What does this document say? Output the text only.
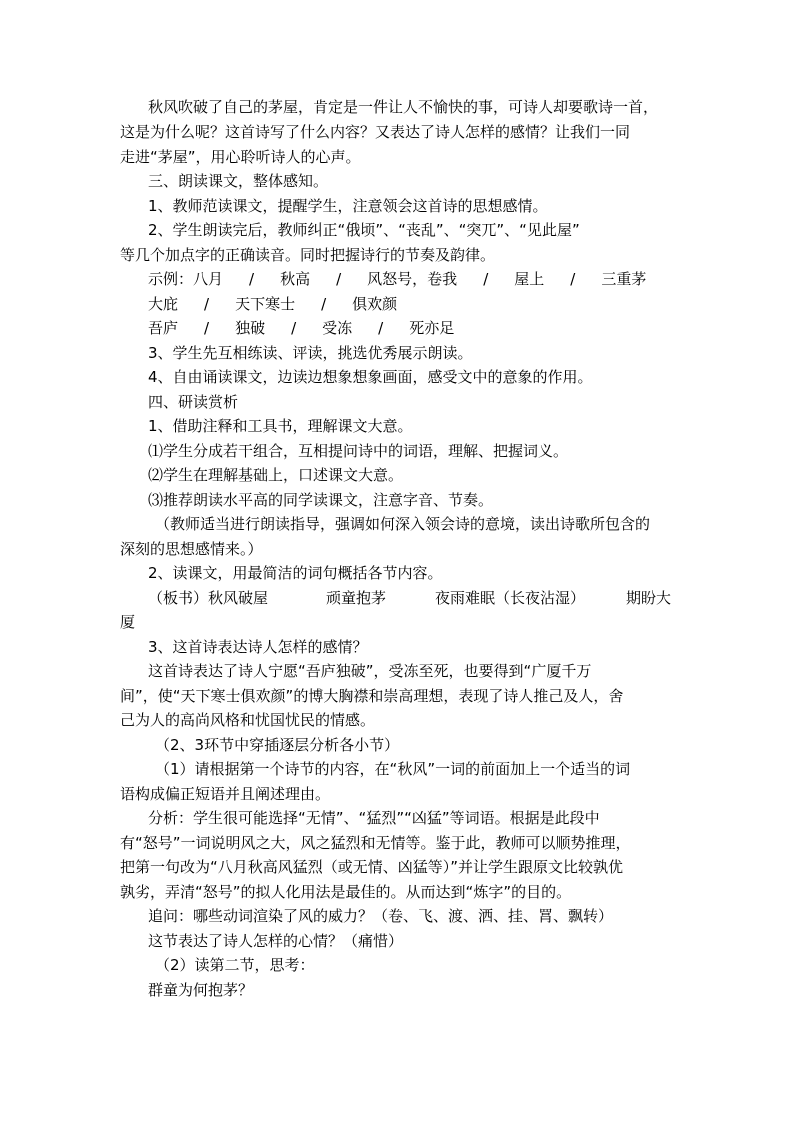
秋风吹破了自己的茅屋，肯定是一件让人不愉快的事，可诗人却要歌诗一首，
这是为什么呢？这首诗写了什么内容？又表达了诗人怎样的感情？让我们一同
走进“茅屋”，用心聆听诗人的心声。
三、朗读课文，整体感知。
1、教师范读课文，提醒学生，注意领会这首诗的思想感情。
2、学生朗读完后，教师纠正“俄顷”、“丧乱”、“突兀”、“见此屋”
等几个加点字的正确读音。同时把握诗行的节奏及韵律。
示例： 八月 / 秋高 / 风怒号，卷我 / 屋上 / 三重茅
大庇 / 天下寒士 / 俱欢颜
吾庐 / 独破 / 受冻 / 死亦足
3、学生先互相练读、评读，挑选优秀展示朗读。
4、自由诵读课文，边读边想象想象画面，感受文中的意象的作用。
四、研读赏析
1、借助注释和工具书，理解课文大意。
⑴学生分成若干组合，互相提问诗中的词语，理解、把握词义。
⑵学生在理解基础上，口述课文大意。
⑶推荐朗读水平高的同学读课文，注意字音、节奏。
（教师适当进行朗读指导，强调如何深入领会诗的意境，读出诗歌所包含的
深刻的思想感情来。）
2、读课文，用最简洁的词句概括各节内容。
（板书）秋风破屋	顽童抱茅	夜雨难眠（长夜沾湿）	期盼大
厦
3、这首诗表达诗人怎样的感情？
这首诗表达了诗人宁愿“吾庐独破”，受冻至死，也要得到“广厦千万
间”，使“天下寒士俱欢颜”的博大胸襟和崇高理想，表现了诗人推己及人，舍
己为人的高尚风格和忧国忧民的情感。
（2、3环节中穿插逐层分析各小节）
（1）请根据第一个诗节的内容，在“秋风”一词的前面加上一个适当的词
语构成偏正短语并且阐述理由。
分析：学生很可能选择“无情”、“猛烈”“凶猛”等词语。根据是此段中
有“怒号”一词说明风之大，风之猛烈和无情等。鉴于此，教师可以顺势推理，
把第一句改为“八月秋高风猛烈（或无情、凶猛等）”并让学生跟原文比较孰优
孰劣，弄清“怒号”的拟人化用法是最佳的。从而达到“炼字”的目的。
追问：哪些动词渲染了风的威力？（卷、飞、渡、洒、挂、罥、飘转）
这节表达了诗人怎样的心情？（痛惜）
（2）读第二节，思考：
群童为何抱茅？
